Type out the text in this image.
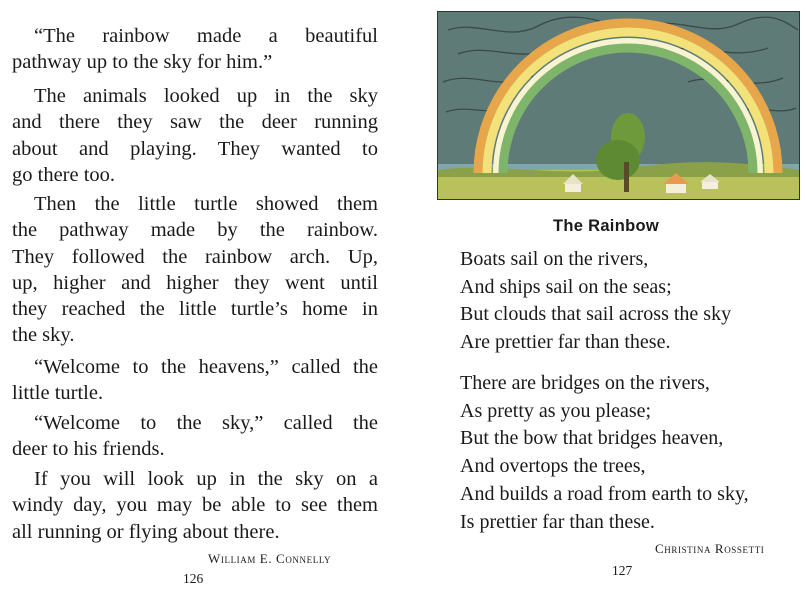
“The rainbow made a beautiful
pathway up to the sky for him.”

The animals looked up in the sky
and there they saw the deer running
about and playing. They wanted to
go there too.

Then the little turtle showed them
the pathway made by the rainbow.
They followed the rainbow arch. Up,
up, higher and higher they went until
they reached the little turtle’s home in
the sky.

“Welcome to the heavens,” called the
little turtle.

“Welcome to the sky,” called the
deer to his friends.

If you will look up in the sky on a
windy day, you may be able to see them
all running or flying about there.

William E. Connelly
126
The Rainbow

Boats sail on the rivers,
And ships sail on the seas;
But clouds that sail across the sky
Are prettier far than these.

There are bridges on the rivers,
As pretty as you please;
But the bow that bridges heaven,
And overtops the trees,
And builds a road from earth to sky,
Is prettier far than these.

Christina Rossetti
127
